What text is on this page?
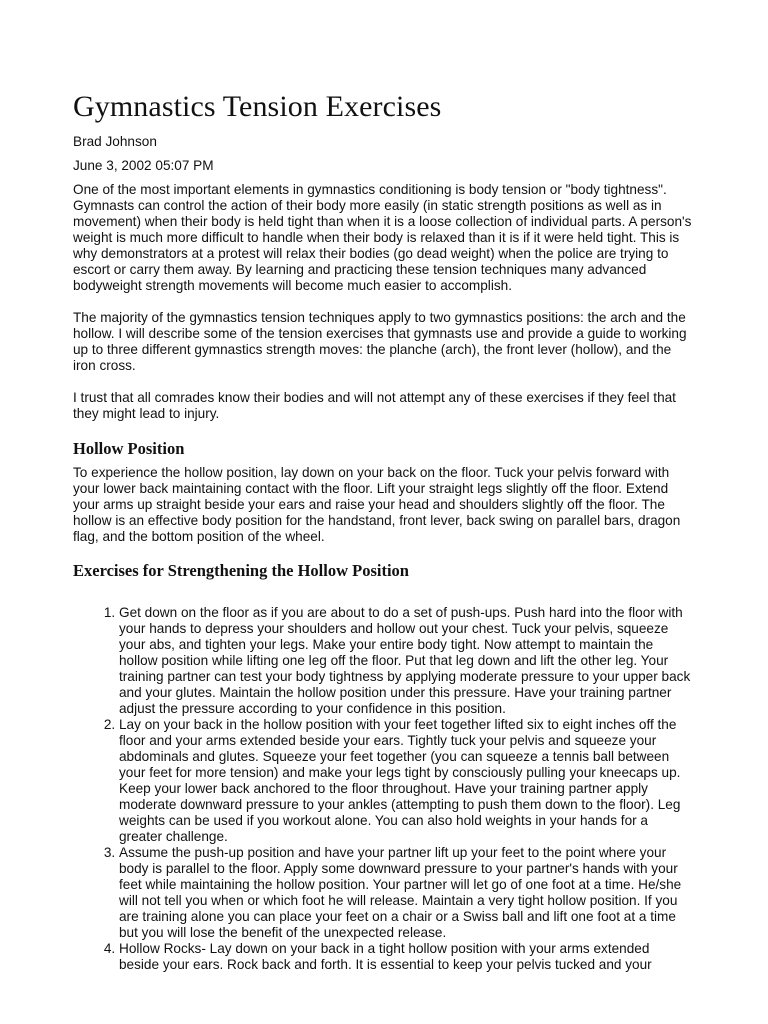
Gymnastics Tension Exercises
Brad Johnson
June 3, 2002 05:07 PM

One of the most important elements in gymnastics conditioning is body tension or "body tightness". Gymnasts can control the action of their body more easily (in static strength positions as well as in movement) when their body is held tight than when it is a loose collection of individual parts. A person's weight is much more difficult to handle when their body is relaxed than it is if it were held tight. This is why demonstrators at a protest will relax their bodies (go dead weight) when the police are trying to escort or carry them away. By learning and practicing these tension techniques many advanced bodyweight strength movements will become much easier to accomplish.

The majority of the gymnastics tension techniques apply to two gymnastics positions: the arch and the hollow. I will describe some of the tension exercises that gymnasts use and provide a guide to working up to three different gymnastics strength moves: the planche (arch), the front lever (hollow), and the iron cross.

I trust that all comrades know their bodies and will not attempt any of these exercises if they feel that they might lead to injury.

Hollow Position

To experience the hollow position, lay down on your back on the floor. Tuck your pelvis forward with your lower back maintaining contact with the floor. Lift your straight legs slightly off the floor. Extend your arms up straight beside your ears and raise your head and shoulders slightly off the floor. The hollow is an effective body position for the handstand, front lever, back swing on parallel bars, dragon flag, and the bottom position of the wheel.

Exercises for Strengthening the Hollow Position
1. Get down on the floor as if you are about to do a set of push-ups. Push hard into the floor with your hands to depress your shoulders and hollow out your chest. Tuck your pelvis, squeeze your abs, and tighten your legs. Make your entire body tight. Now attempt to maintain the hollow position while lifting one leg off the floor. Put that leg down and lift the other leg. Your training partner can test your body tightness by applying moderate pressure to your upper back and your glutes. Maintain the hollow position under this pressure. Have your training partner adjust the pressure according to your confidence in this position.
2. Lay on your back in the hollow position with your feet together lifted six to eight inches off the floor and your arms extended beside your ears. Tightly tuck your pelvis and squeeze your abdominals and glutes. Squeeze your feet together (you can squeeze a tennis ball between your feet for more tension) and make your legs tight by consciously pulling your kneecaps up. Keep your lower back anchored to the floor throughout. Have your training partner apply moderate downward pressure to your ankles (attempting to push them down to the floor). Leg weights can be used if you workout alone. You can also hold weights in your hands for a greater challenge.
3. Assume the push-up position and have your partner lift up your feet to the point where your body is parallel to the floor. Apply some downward pressure to your partner's hands with your feet while maintaining the hollow position. Your partner will let go of one foot at a time. He/she will not tell you when or which foot he will release. Maintain a very tight hollow position. If you are training alone you can place your feet on a chair or a Swiss ball and lift one foot at a time but you will lose the benefit of the unexpected release.
4. Hollow Rocks- Lay down on your back in a tight hollow position with your arms extended beside your ears. Rock back and forth. It is essential to keep your pelvis tucked and your
